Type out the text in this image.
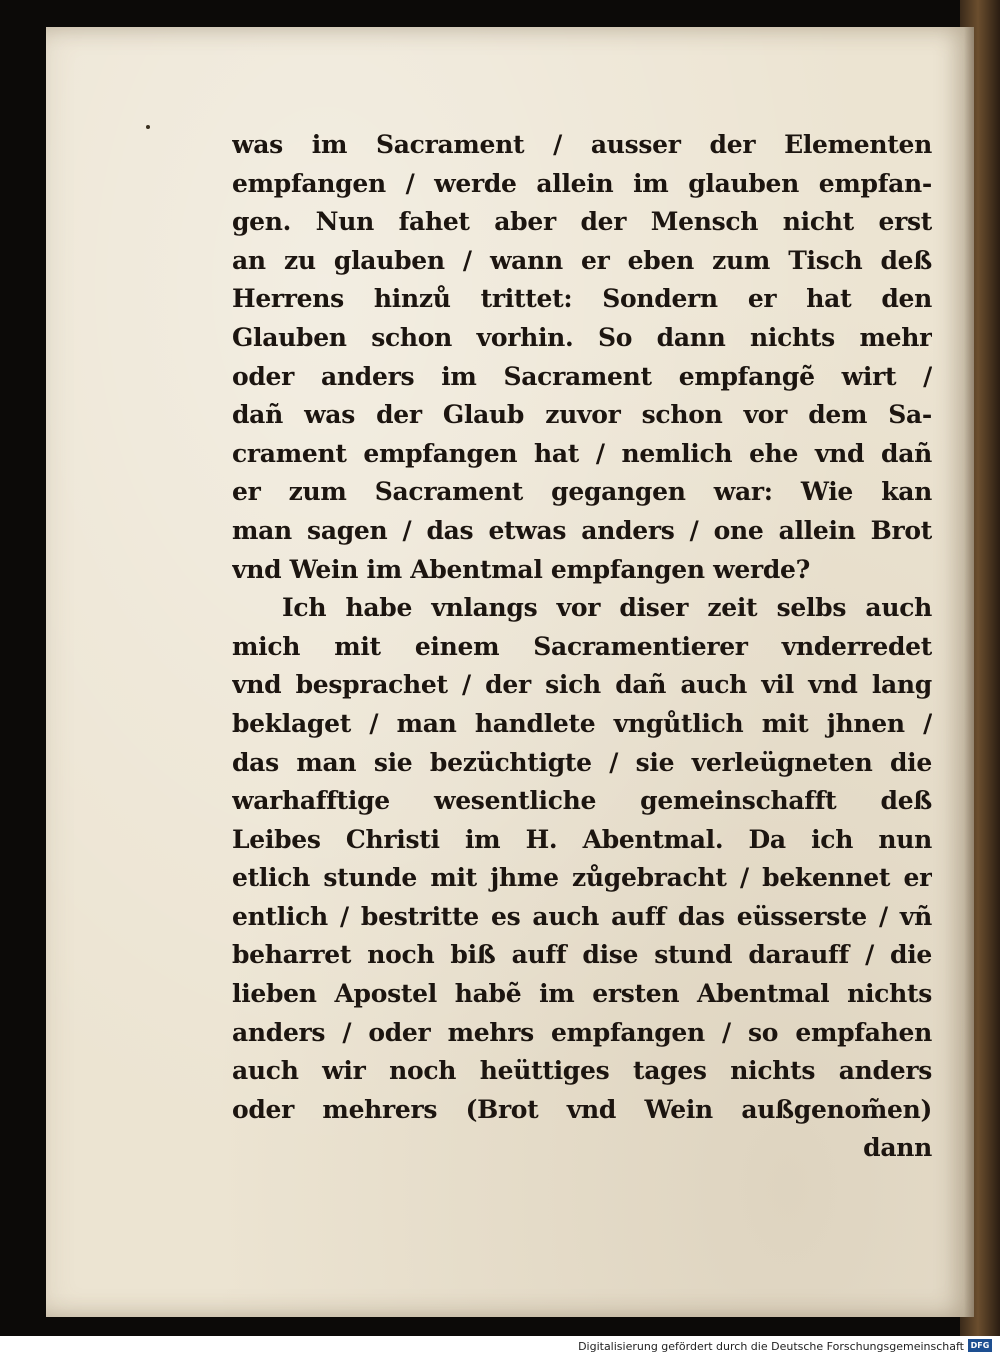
was im Sacrament / ausser der Elementen
empfangen / werde allein im glauben empfan-
gen. Nun fahet aber der Mensch nicht erst
an zu glauben / wann er eben zum Tisch deß
Herrens hinzů trittet: Sondern er hat den
Glauben schon vorhin. So dann nichts mehr
oder anders im Sacrament empfangẽ wirt /
dañ was der Glaub zuvor schon vor dem Sa-
crament empfangen hat / nemlich ehe vnd dañ
er zum Sacrament gegangen war: Wie kan
man sagen / das etwas anders / one allein Brot
vnd Wein im Abentmal empfangen werde?
Ich habe vnlangs vor diser zeit selbs auch
mich mit einem Sacramentierer vnderredet
vnd besprachet / der sich dañ auch vil vnd lang
beklaget / man handlete vngůtlich mit jhnen /
das man sie bezüchtigte / sie verleügneten die
warhafftige wesentliche gemeinschafft deß
Leibes Christi im H. Abentmal. Da ich nun
etlich stunde mit jhme zůgebracht / bekennet er
entlich / bestritte es auch auff das eüsserste / vñ
beharret noch biß auff dise stund darauff / die
lieben Apostel habẽ im ersten Abentmal nichts
anders / oder mehrs empfangen / so empfahen
auch wir noch heüttiges tages nichts anders
oder mehrers (Brot vnd Wein außgenom̃en)
dann
Digitalisierung gefördert durch die Deutsche Forschungsgemeinschaft DFG
